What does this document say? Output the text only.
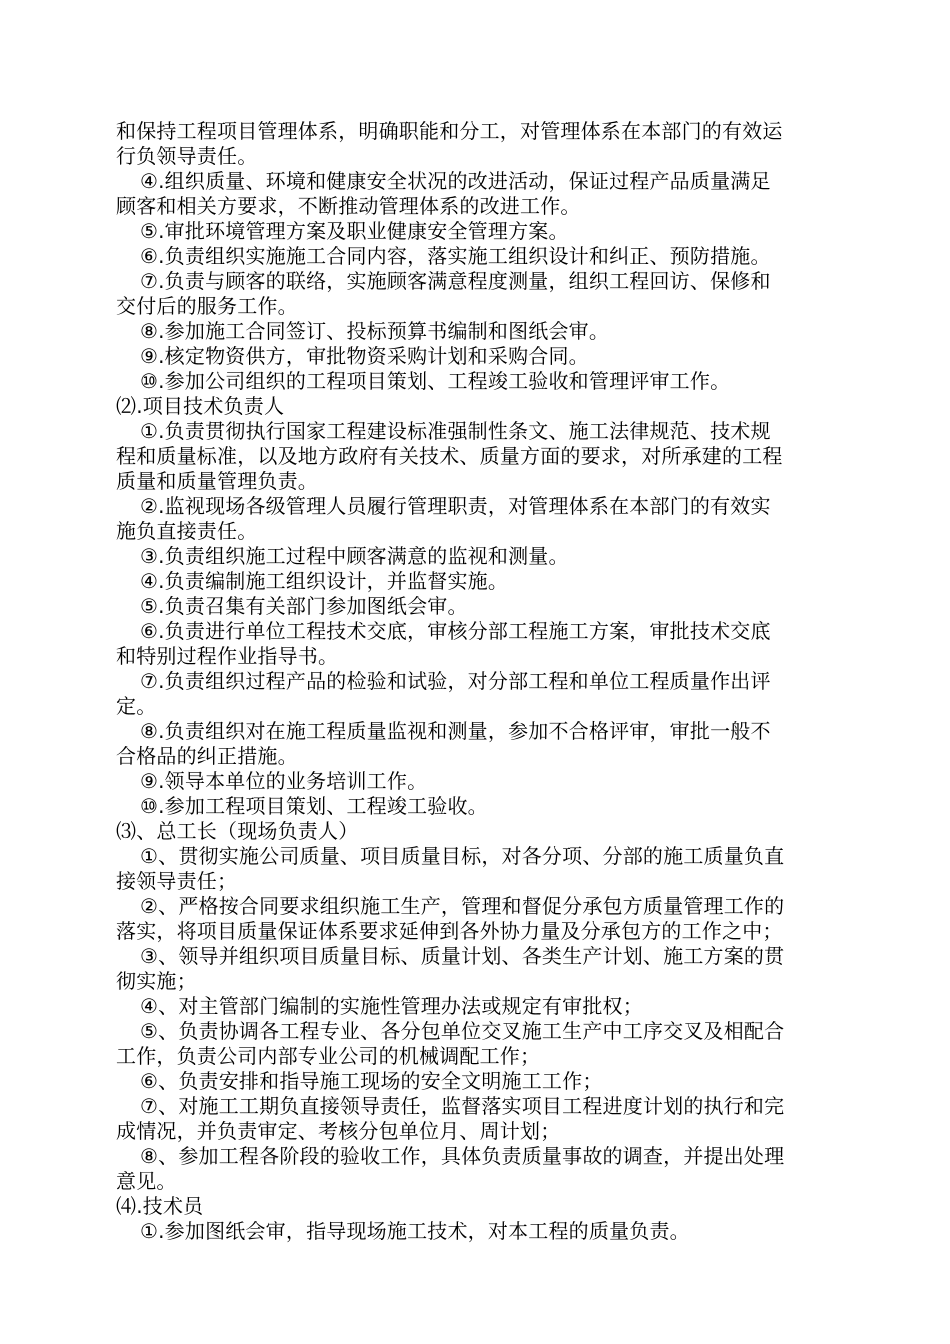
和保持工程项目管理体系，明确职能和分工，对管理体系在本部门的有效运
行负领导责任。
④.组织质量、环境和健康安全状况的改进活动，保证过程产品质量满足
顾客和相关方要求，不断推动管理体系的改进工作。
⑤.审批环境管理方案及职业健康安全管理方案。
⑥.负责组织实施施工合同内容，落实施工组织设计和纠正、预防措施。
⑦.负责与顾客的联络，实施顾客满意程度测量，组织工程回访、保修和
交付后的服务工作。
⑧.参加施工合同签订、投标预算书编制和图纸会审。
⑨.核定物资供方，审批物资采购计划和采购合同。
⑩.参加公司组织的工程项目策划、工程竣工验收和管理评审工作。
⑵.项目技术负责人
①.负责贯彻执行国家工程建设标准强制性条文、施工法律规范、技术规
程和质量标准，以及地方政府有关技术、质量方面的要求，对所承建的工程
质量和质量管理负责。
②.监视现场各级管理人员履行管理职责，对管理体系在本部门的有效实
施负直接责任。
③.负责组织施工过程中顾客满意的监视和测量。
④.负责编制施工组织设计，并监督实施。
⑤.负责召集有关部门参加图纸会审。
⑥.负责进行单位工程技术交底，审核分部工程施工方案，审批技术交底
和特别过程作业指导书。
⑦.负责组织过程产品的检验和试验，对分部工程和单位工程质量作出评
定。
⑧.负责组织对在施工程质量监视和测量，参加不合格评审，审批一般不
合格品的纠正措施。
⑨.领导本单位的业务培训工作。
⑩.参加工程项目策划、工程竣工验收。
⑶、总工长（现场负责人）
①、贯彻实施公司质量、项目质量目标，对各分项、分部的施工质量负直
接领导责任；
②、严格按合同要求组织施工生产，管理和督促分承包方质量管理工作的
落实，将项目质量保证体系要求延伸到各外协力量及分承包方的工作之中；
③、领导并组织项目质量目标、质量计划、各类生产计划、施工方案的贯
彻实施；
④、对主管部门编制的实施性管理办法或规定有审批权；
⑤、负责协调各工程专业、各分包单位交叉施工生产中工序交叉及相配合
工作，负责公司内部专业公司的机械调配工作；
⑥、负责安排和指导施工现场的安全文明施工工作；
⑦、对施工工期负直接领导责任，监督落实项目工程进度计划的执行和完
成情况，并负责审定、考核分包单位月、周计划；
⑧、参加工程各阶段的验收工作，具体负责质量事故的调查，并提出处理
意见。
⑷.技术员
①.参加图纸会审，指导现场施工技术，对本工程的质量负责。
